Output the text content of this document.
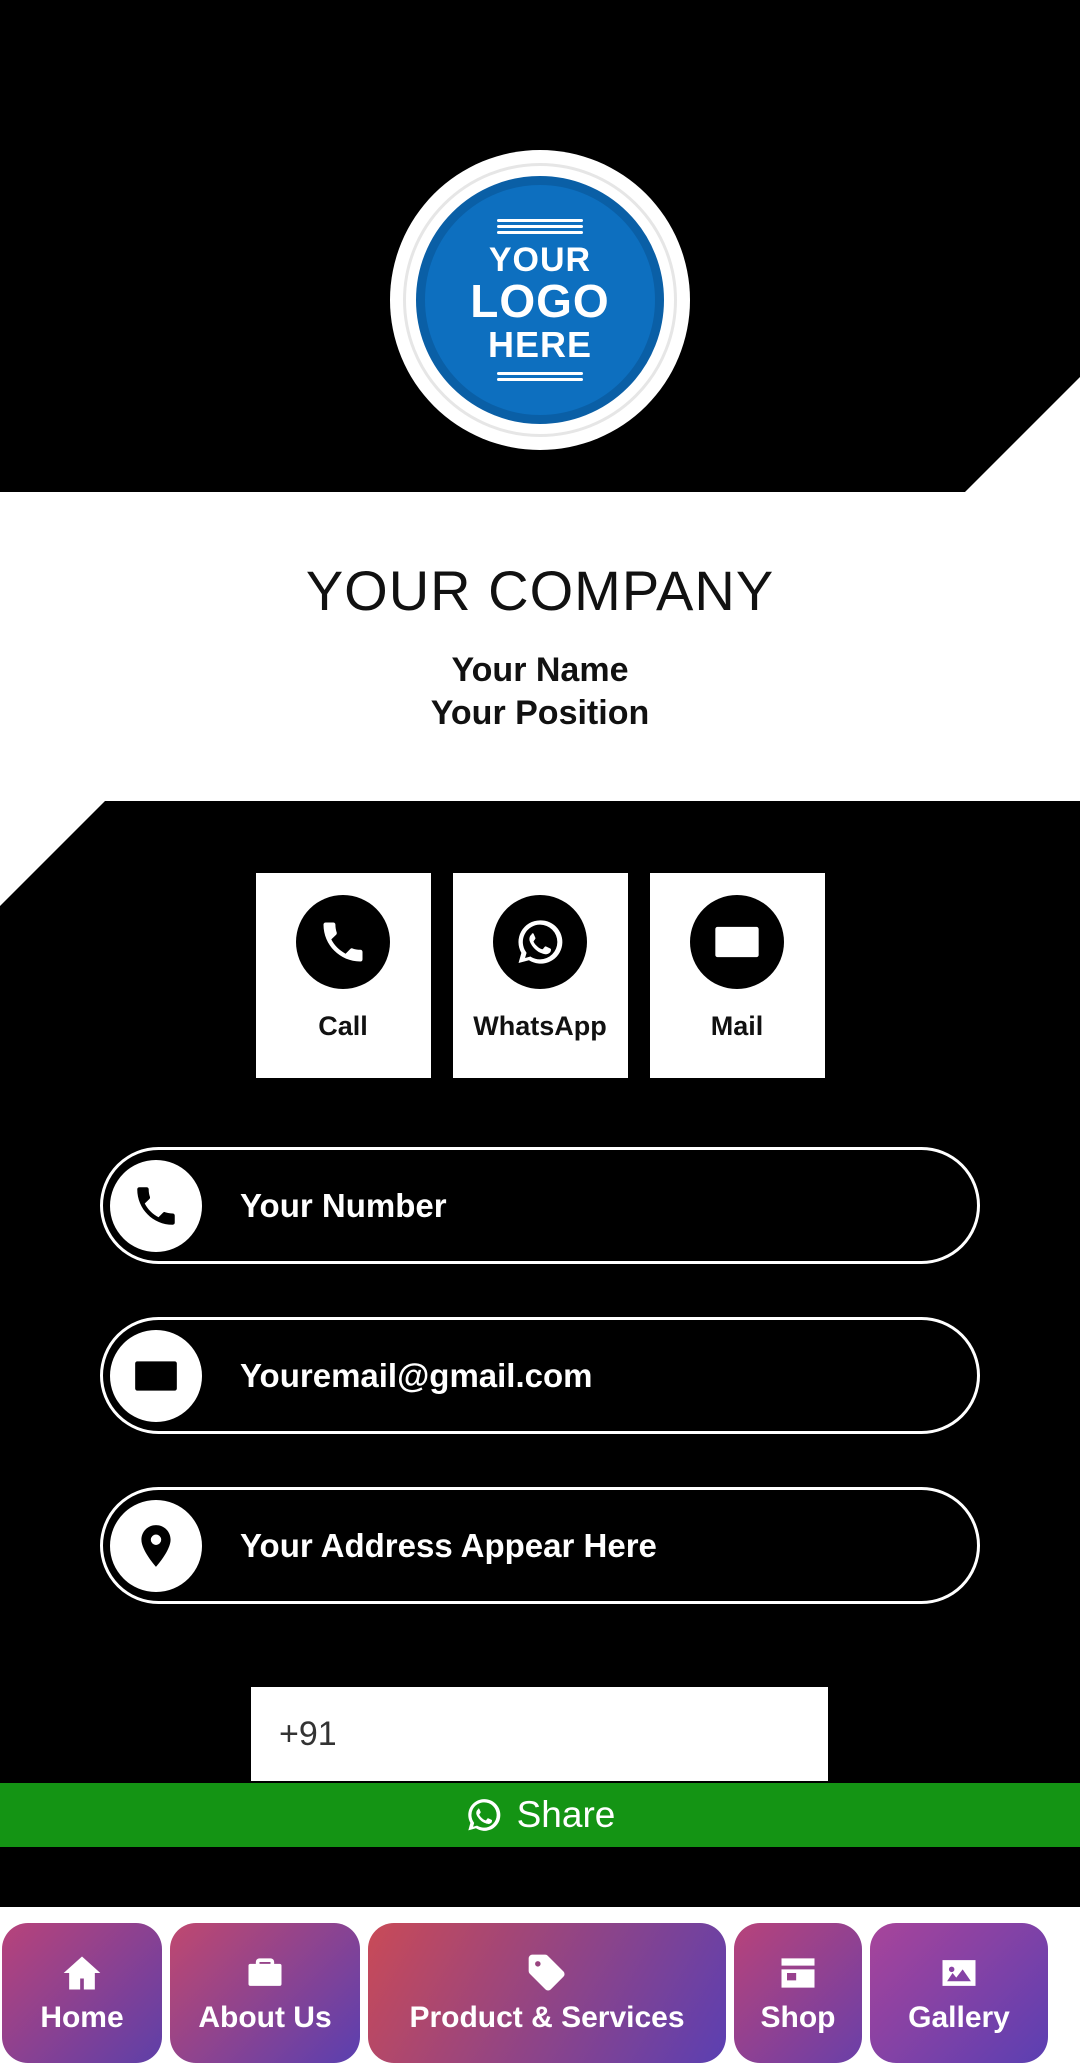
YOUR
LOGO
HERE
YOUR COMPANY
Your Name
Your Position
Call	WhatsApp	Mail
Your Number
Youremail@gmail.com
Your Address Appear Here
+91
Share
Home About Us	Product & Services	Shop Gallery
